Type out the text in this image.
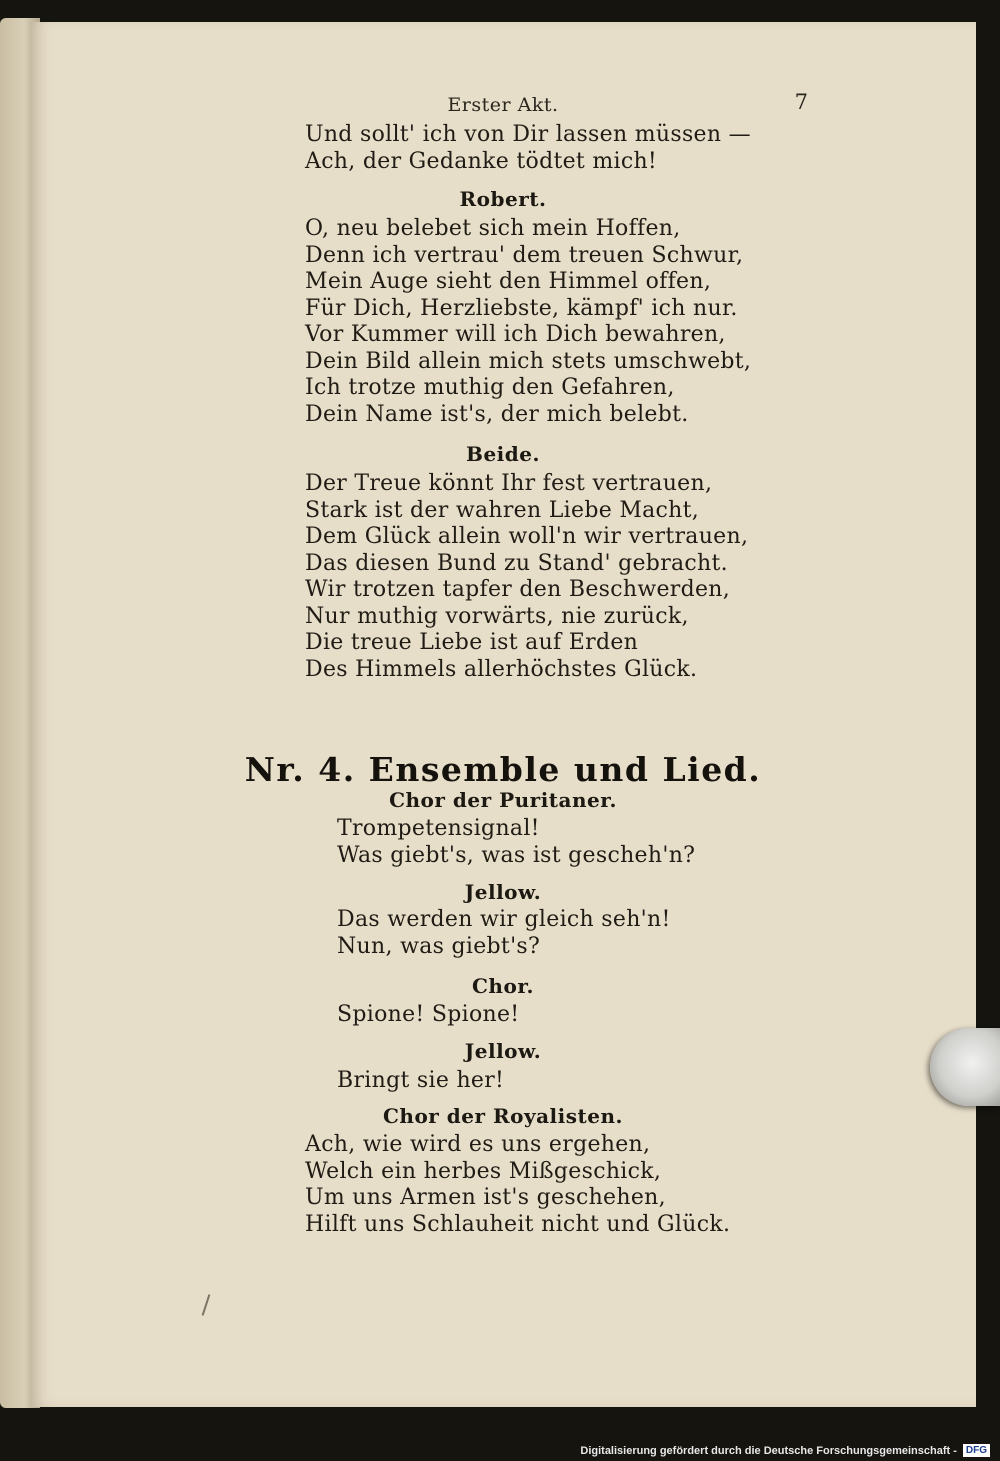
Erster Akt.	7
Und sollt' ich von Dir lassen müssen —
Ach, der Gedanke tödtet mich!
Robert.
O, neu belebet sich mein Hoffen,
Denn ich vertrau' dem treuen Schwur,
Mein Auge sieht den Himmel offen,
Für Dich, Herzliebste, kämpf' ich nur.
Vor Kummer will ich Dich bewahren,
Dein Bild allein mich stets umschwebt,
Ich trotze muthig den Gefahren,
Dein Name ist's, der mich belebt.
Beide.
Der Treue könnt Ihr fest vertrauen,
Stark ist der wahren Liebe Macht,
Dem Glück allein woll'n wir vertrauen,
Das diesen Bund zu Stand' gebracht.
Wir trotzen tapfer den Beschwerden,
Nur muthig vorwärts, nie zurück,
Die treue Liebe ist auf Erden
Des Himmels allerhöchstes Glück.
Nr. 4. Ensemble und Lied.
Chor der Puritaner.
Trompetensignal!
Was giebt's, was ist gescheh'n?
Jellow.
Das werden wir gleich seh'n!
Nun, was giebt's?
Chor.
Spione! Spione!
Jellow.
Bringt sie her!
Chor der Royalisten.
Ach, wie wird es uns ergehen,
Welch ein herbes Mißgeschick,
Um uns Armen ist's geschehen,
Hilft uns Schlauheit nicht und Glück.
Digitalisierung gefördert durch die Deutsche Forschungsgemeinschaft - DFG
